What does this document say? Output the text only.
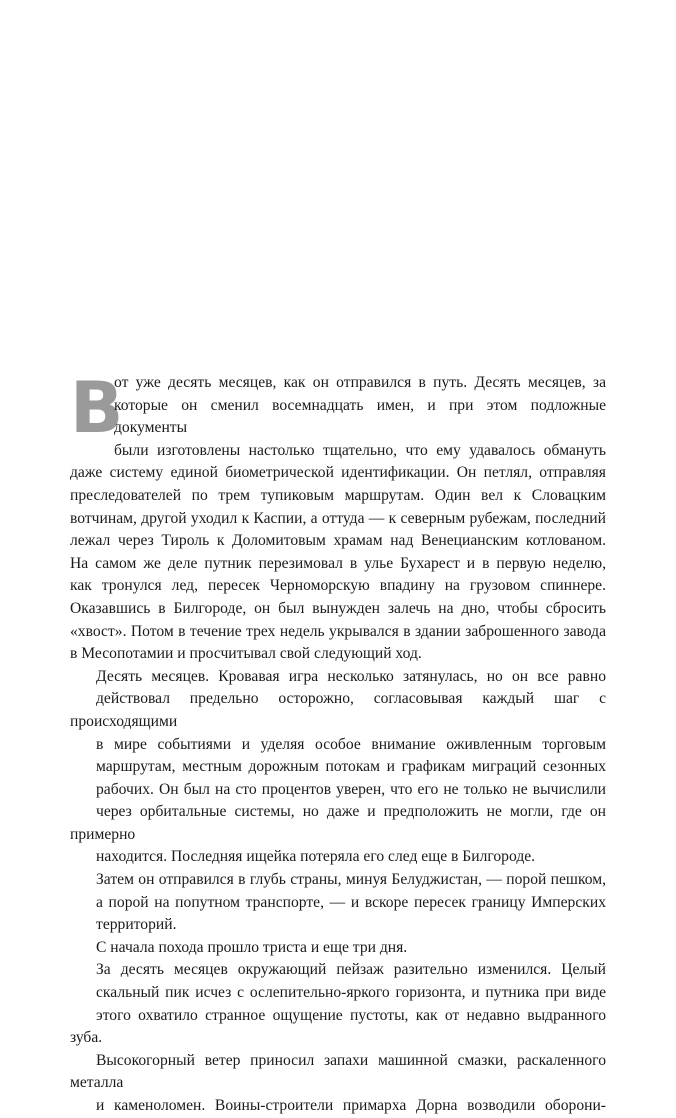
В
от уже десять месяцев, как он отправился в путь. Десять месяцев, за
которые он сменил восемнадцать имен, и при этом подложные документы
были изготовлены настолько тщательно, что ему удавалось обмануть
даже систему единой биометрической идентификации. Он петлял, отправляя
преследователей по трем тупиковым маршрутам. Один вел к Словацким
вотчинам, другой уходил к Каспии, а оттуда — к северным рубежам, последний
лежал через Тироль к Доломитовым храмам над Венецианским котлованом.
На самом же деле путник перезимовал в улье Бухарест и в первую неделю,
как тронулся лед, пересек Черноморскую впадину на грузовом спиннере.
Оказавшись в Билгороде, он был вынужден залечь на дно, чтобы сбросить
«хвост». Потом в течение трех недель укрывался в здании заброшенного завода
в Месопотамии и просчитывал свой следующий ход.

Десять месяцев. Кровавая игра несколько затянулась, но он все равно
действовал предельно осторожно, согласовывая каждый шаг с происходящими
в мире событиями и уделяя особое внимание оживленным торговым
маршрутам, местным дорожным потокам и графикам миграций сезонных
рабочих. Он был на сто процентов уверен, что его не только не вычислили
через орбитальные системы, но даже и предположить не могли, где он примерно
находится. Последняя ищейка потеряла его след еще в Билгороде.

Затем он отправился в глубь страны, минуя Белуджистан, — порой пешком,
а порой на попутном транспорте, — и вскоре пересек границу Имперских
территорий.

С начала похода прошло триста и еще три дня.

За десять месяцев окружающий пейзаж разительно изменился. Целый
скальный пик исчез с ослепительно-яркого горизонта, и путника при виде
этого охватило странное ощущение пустоты, как от недавно выдранного зуба.
Высокогорный ветер приносил запахи машинной смазки, раскаленного металла
и каменоломен. Воины-строители примарха Дорна возводили оборони-
